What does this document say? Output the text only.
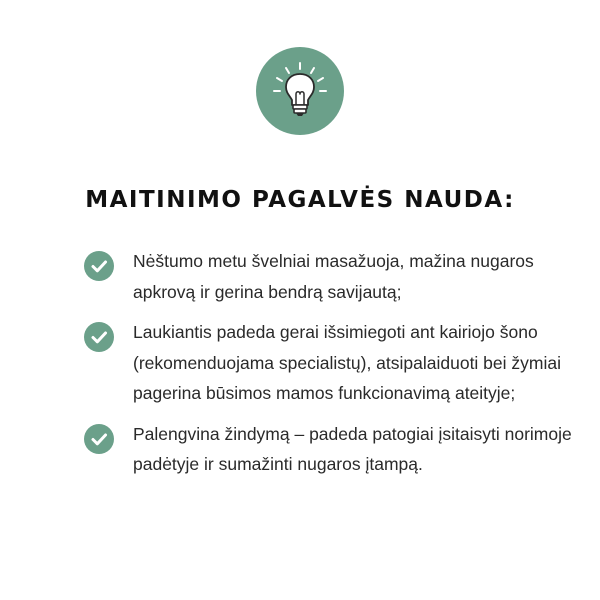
MAITINIMO PAGALVĖS NAUDA:
Nėštumo metu švelniai masažuoja, mažina nugaros apkrovą ir gerina bendrą savijautą;
Laukiantis padeda gerai išsimiegoti ant kairiojo šono (rekomenduojama specialistų), atsipalaiduoti bei žymiai pagerina būsimos mamos funkcionavimą ateityje;
Palengvina žindymą – padeda patogiai įsitaisyti norimoje padėtyje ir sumažinti nugaros įtampą.
